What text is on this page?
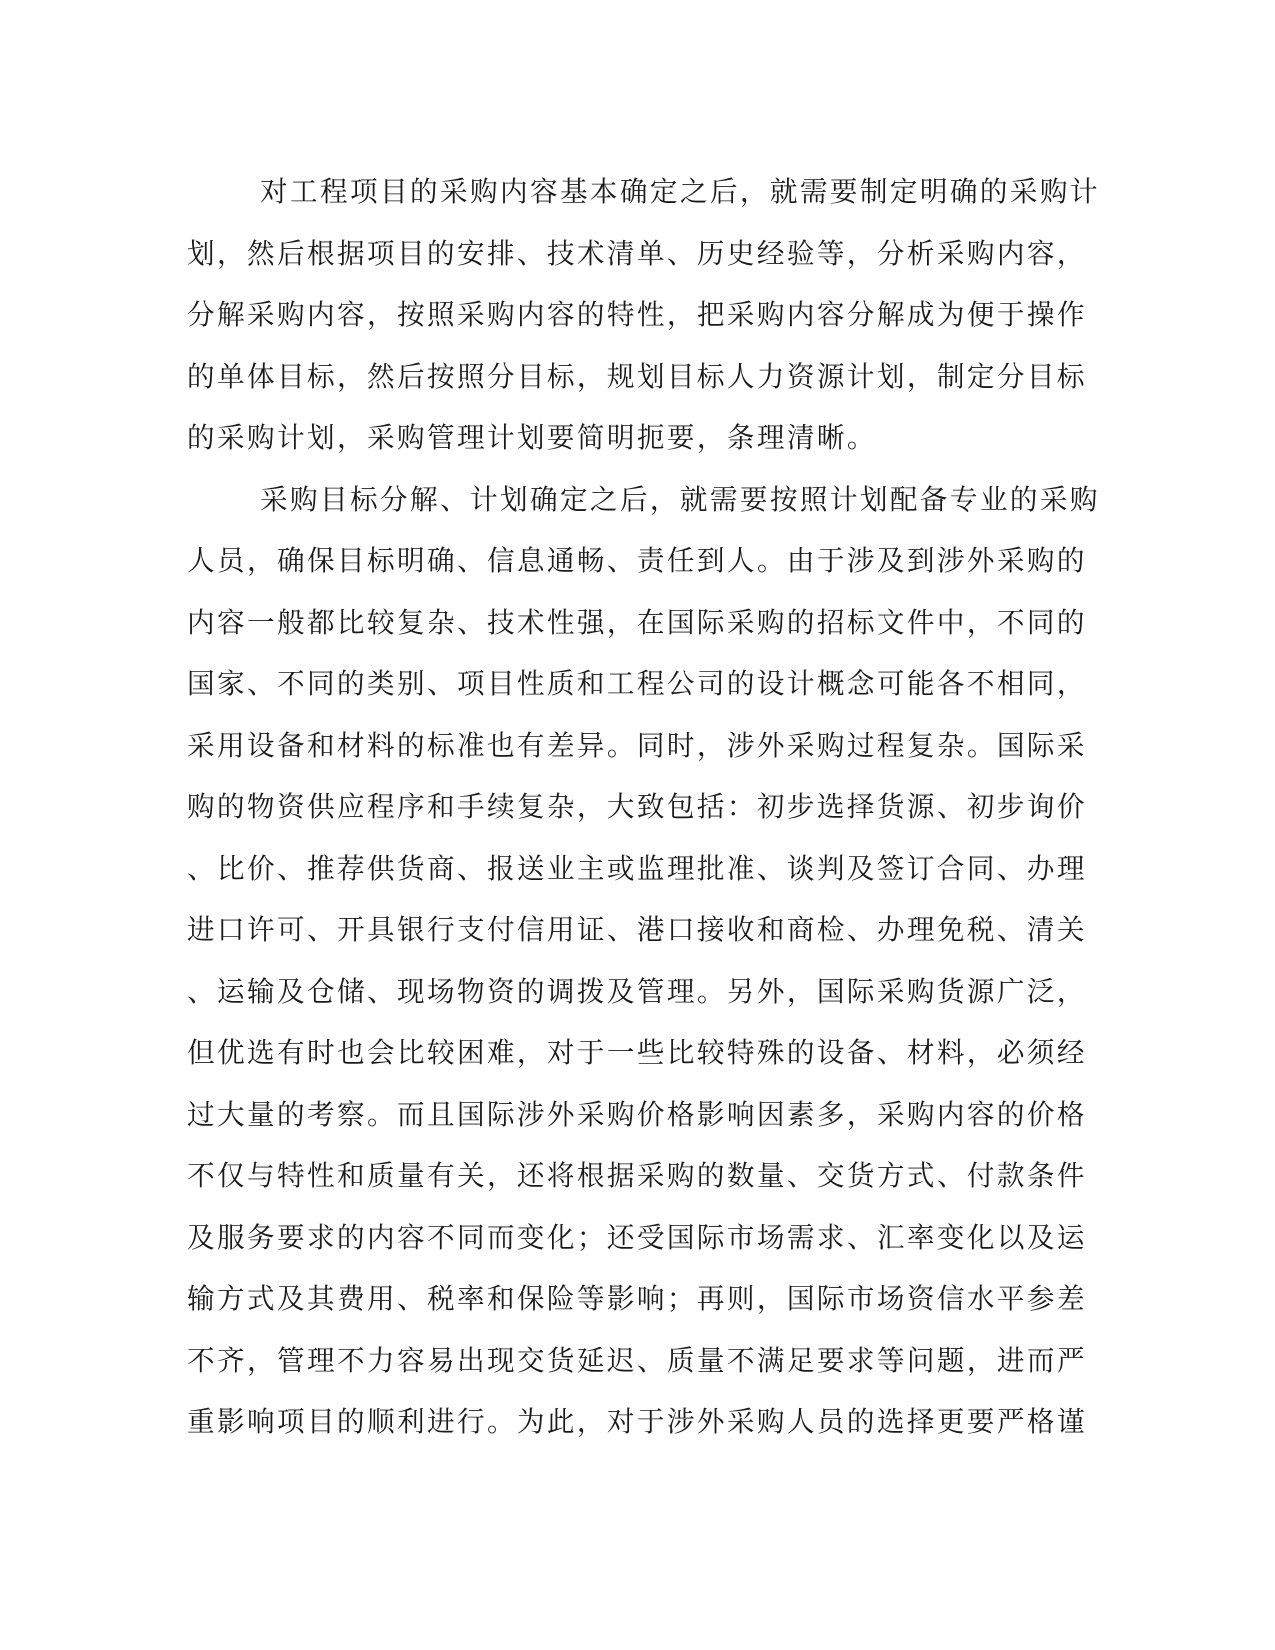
对工程项目的采购内容基本确定之后，就需要制定明确的采购计
划，然后根据项目的安排、技术清单、历史经验等，分析采购内容，
分解采购内容，按照采购内容的特性，把采购内容分解成为便于操作
的单体目标，然后按照分目标，规划目标人力资源计划，制定分目标
的采购计划，采购管理计划要简明扼要，条理清晰。
采购目标分解、计划确定之后，就需要按照计划配备专业的采购
人员，确保目标明确、信息通畅、责任到人。由于涉及到涉外采购的
内容一般都比较复杂、技术性强，在国际采购的招标文件中，不同的
国家、不同的类别、项目性质和工程公司的设计概念可能各不相同，
采用设备和材料的标准也有差异。同时，涉外采购过程复杂。国际采
购的物资供应程序和手续复杂，大致包括：初步选择货源、初步询价
、比价、推荐供货商、报送业主或监理批准、谈判及签订合同、办理
进口许可、开具银行支付信用证、港口接收和商检、办理免税、清关
、运输及仓储、现场物资的调拨及管理。另外，国际采购货源广泛，
但优选有时也会比较困难，对于一些比较特殊的设备、材料，必须经
过大量的考察。而且国际涉外采购价格影响因素多，采购内容的价格
不仅与特性和质量有关，还将根据采购的数量、交货方式、付款条件
及服务要求的内容不同而变化；还受国际市场需求、汇率变化以及运
输方式及其费用、税率和保险等影响；再则，国际市场资信水平参差
不齐，管理不力容易出现交货延迟、质量不满足要求等问题，进而严
重影响项目的顺利进行。为此，对于涉外采购人员的选择更要严格谨
